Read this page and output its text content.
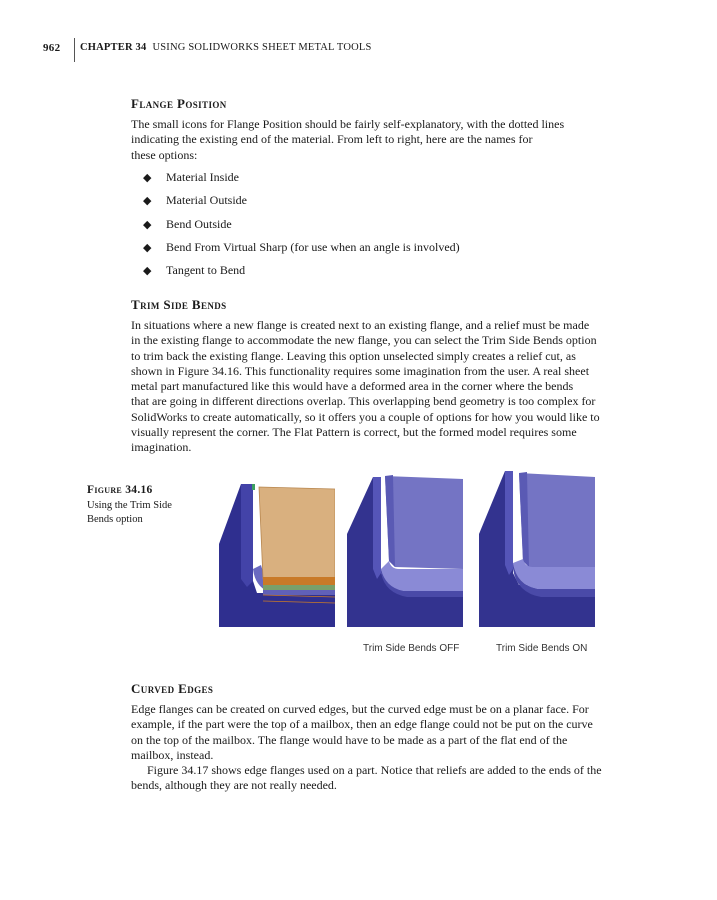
962 CHAPTER 34 USING SOLIDWORKS SHEET METAL TOOLS
Flange Position

The small icons for Flange Position should be fairly self-explanatory, with the dotted lines
indicating the existing end of the material. From left to right, here are the names for
these options:

◆ Material Inside
◆ Material Outside
◆ Bend Outside
◆ Bend From Virtual Sharp (for use when an angle is involved)
◆ Tangent to Bend
Trim Side Bends

In situations where a new flange is created next to an existing flange, and a relief must be made
in the existing flange to accommodate the new flange, you can select the Trim Side Bends option
to trim back the existing flange. Leaving this option unselected simply creates a relief cut, as
shown in Figure 34.16. This functionality requires some imagination from the user. A real sheet
metal part manufactured like this would have a deformed area in the corner where the bends
that are going in different directions overlap. This overlapping bend geometry is too complex for
SolidWorks to create automatically, so it offers you a couple of options for how you would like to
visually represent the corner. The Flat Pattern is correct, but the formed model requires some
imagination.

Figure 34.16
Using the Trim Side
Bends option

Trim Side Bends OFF	Trim Side Bends ON
Curved Edges

Edge flanges can be created on curved edges, but the curved edge must be on a planar face. For
example, if the part were the top of a mailbox, then an edge flange could not be put on the curve
on the top of the mailbox. The flange would have to be made as a part of the flat end of the
mailbox, instead.

Figure 34.17 shows edge flanges used on a part. Notice that reliefs are added to the ends of the
bends, although they are not really needed.
